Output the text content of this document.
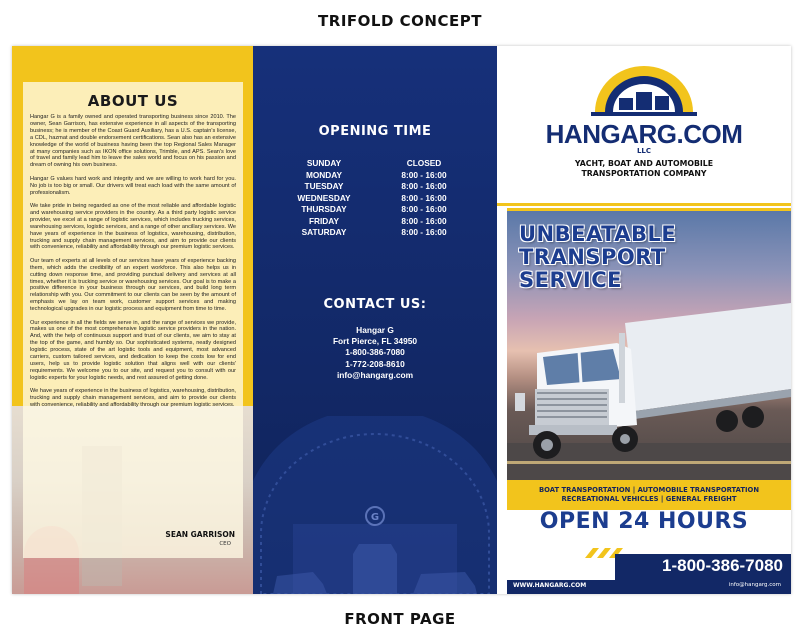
TRIFOLD CONCEPT
ABOUT US

Hangar G is a family owned and operated transporting business since 2010. The owner, Sean Garrison, has extensive experience in all aspects of the transporting business; he is member of the Coast Guard Auxiliary, has a U.S. captain's license, a CDL, hazmat and double endorsement certifications. Sean also has an extensive knowledge of the world of business having been the top Regional Sales Manager at many companies such as IKON office solutions, Trimble, and APS. Sean's love of travel and family lead him to leave the sales world and focus on his passion and dream of owning his own business.

Hangar G values hard work and integrity and we are willing to work hard for you. No job is too big or small. Our drivers will treat each load with the same amount of professionalism.

We take pride in being regarded as one of the most reliable and affordable logistic and warehousing service providers in the country. As a third party logistic service provider, we excel at a range of logistic services, which includes trucking services, warehousing services, logistic services, and a range of other ancillary services. We have years of experience in the business of logistics, warehousing, distribution, trucking and supply chain management services, and aim to provide our clients with convenience, reliability and affordability through our premium logistic services.

Our team of experts at all levels of our services have years of experience backing them, which adds the credibility of an expert workforce. This also helps us in cutting down response time, and providing punctual delivery and services at all times, whether it is trucking service or warehousing services. Our goal is to make a positive difference in your business through our services, and build long term relationship with you. Our commitment to our clients can be seen by the amount of emphasis we lay on team work, customer support services and making technological upgrades in our logistic process and equipment from time to time.

Our experience in all the fields we serve in, and the range of services we provide, makes us one of the most comprehensive logistic service providers in the nation. And, with the help of continuous support and trust of our clients, we aim to stay at the top of the game, and humbly so. Our sophisticated systems, neatly designed logistic process, state of the art logistic tools and equipment, most advanced carriers, custom tailored services, and dedication to keep the costs low for end users, help us to provide logistic solution that aligns well with our clients' requirements. We welcome you to our site, and request you to consult with our logistic experts for your logistic needs, and rest assured of getting done.

We have years of experience in the business of logistics, warehousing, distribution, trucking and supply chain management services, and aim to provide our clients with convenience, reliability and affordability through our premium logistic services.

SEAN GARRISON
CEO
OPENING TIME
SUNDAY	CLOSED
MONDAY	8:00 - 16:00
TUESDAY	8:00 - 16:00
WEDNESDAY	8:00 - 16:00
THURSDAY	8:00 - 16:00
FRIDAY	8:00 - 16:00
SATURDAY	8:00 - 16:00
CONTACT US:
Hangar G
Fort Pierce, FL 34950
1-800-386-7080
1-772-208-8610
info@hangarg.com
G
HANGARG.COM
LLC
YACHT, BOAT AND AUTOMOBILE
TRANSPORTATION COMPANY
UNBEATABLE
TRANSPORT
SERVICE
BOAT TRANSPORTATION | AUTOMOBILE TRANSPORTATION
RECREATIONAL VEHICLES | GENERAL FREIGHT
OPEN 24 HOURS
1-800-386-7080
WWW.HANGARG.COM	info@hangarg.com
FRONT PAGE
